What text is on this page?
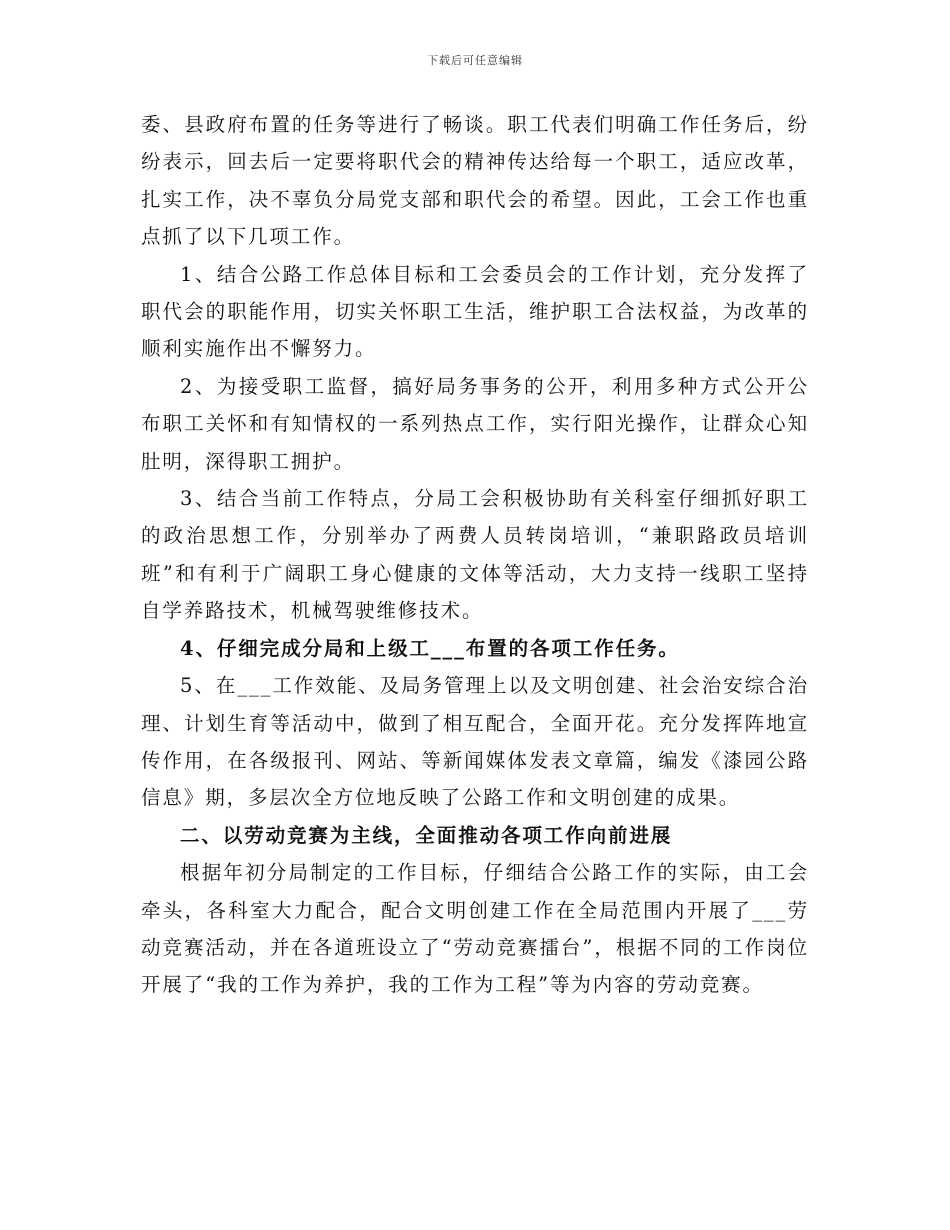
下载后可任意编辑

委、县政府布置的任务等进行了畅谈。职工代表们明确工作任务后，纷纷表示，回去后一定要将职代会的精神传达给每一个职工，适应改革，扎实工作，决不辜负分局党支部和职代会的希望。因此，工会工作也重点抓了以下几项工作。

1、结合公路工作总体目标和工会委员会的工作计划，充分发挥了职代会的职能作用，切实关怀职工生活，维护职工合法权益，为改革的顺利实施作出不懈努力。

2、为接受职工监督，搞好局务事务的公开，利用多种方式公开公布职工关怀和有知情权的一系列热点工作，实行阳光操作，让群众心知肚明，深得职工拥护。

3、结合当前工作特点，分局工会积极协助有关科室仔细抓好职工的政治思想工作，分别举办了两费人员转岗培训，“兼职路政员培训班”和有利于广阔职工身心健康的文体等活动，大力支持一线职工坚持自学养路技术，机械驾驶维修技术。

4、仔细完成分局和上级工___布置的各项工作任务。

5、在___工作效能、及局务管理上以及文明创建、社会治安综合治理、计划生育等活动中，做到了相互配合，全面开花。充分发挥阵地宣传作用，在各级报刊、网站、等新闻媒体发表文章篇，编发《漆园公路信息》期，多层次全方位地反映了公路工作和文明创建的成果。

二、以劳动竞赛为主线，全面推动各项工作向前进展

根据年初分局制定的工作目标，仔细结合公路工作的实际，由工会牵头，各科室大力配合，配合文明创建工作在全局范围内开展了___劳动竞赛活动，并在各道班设立了“劳动竞赛擂台”，根据不同的工作岗位开展了“我的工作为养护，我的工作为工程”等为内容的劳动竞赛。
